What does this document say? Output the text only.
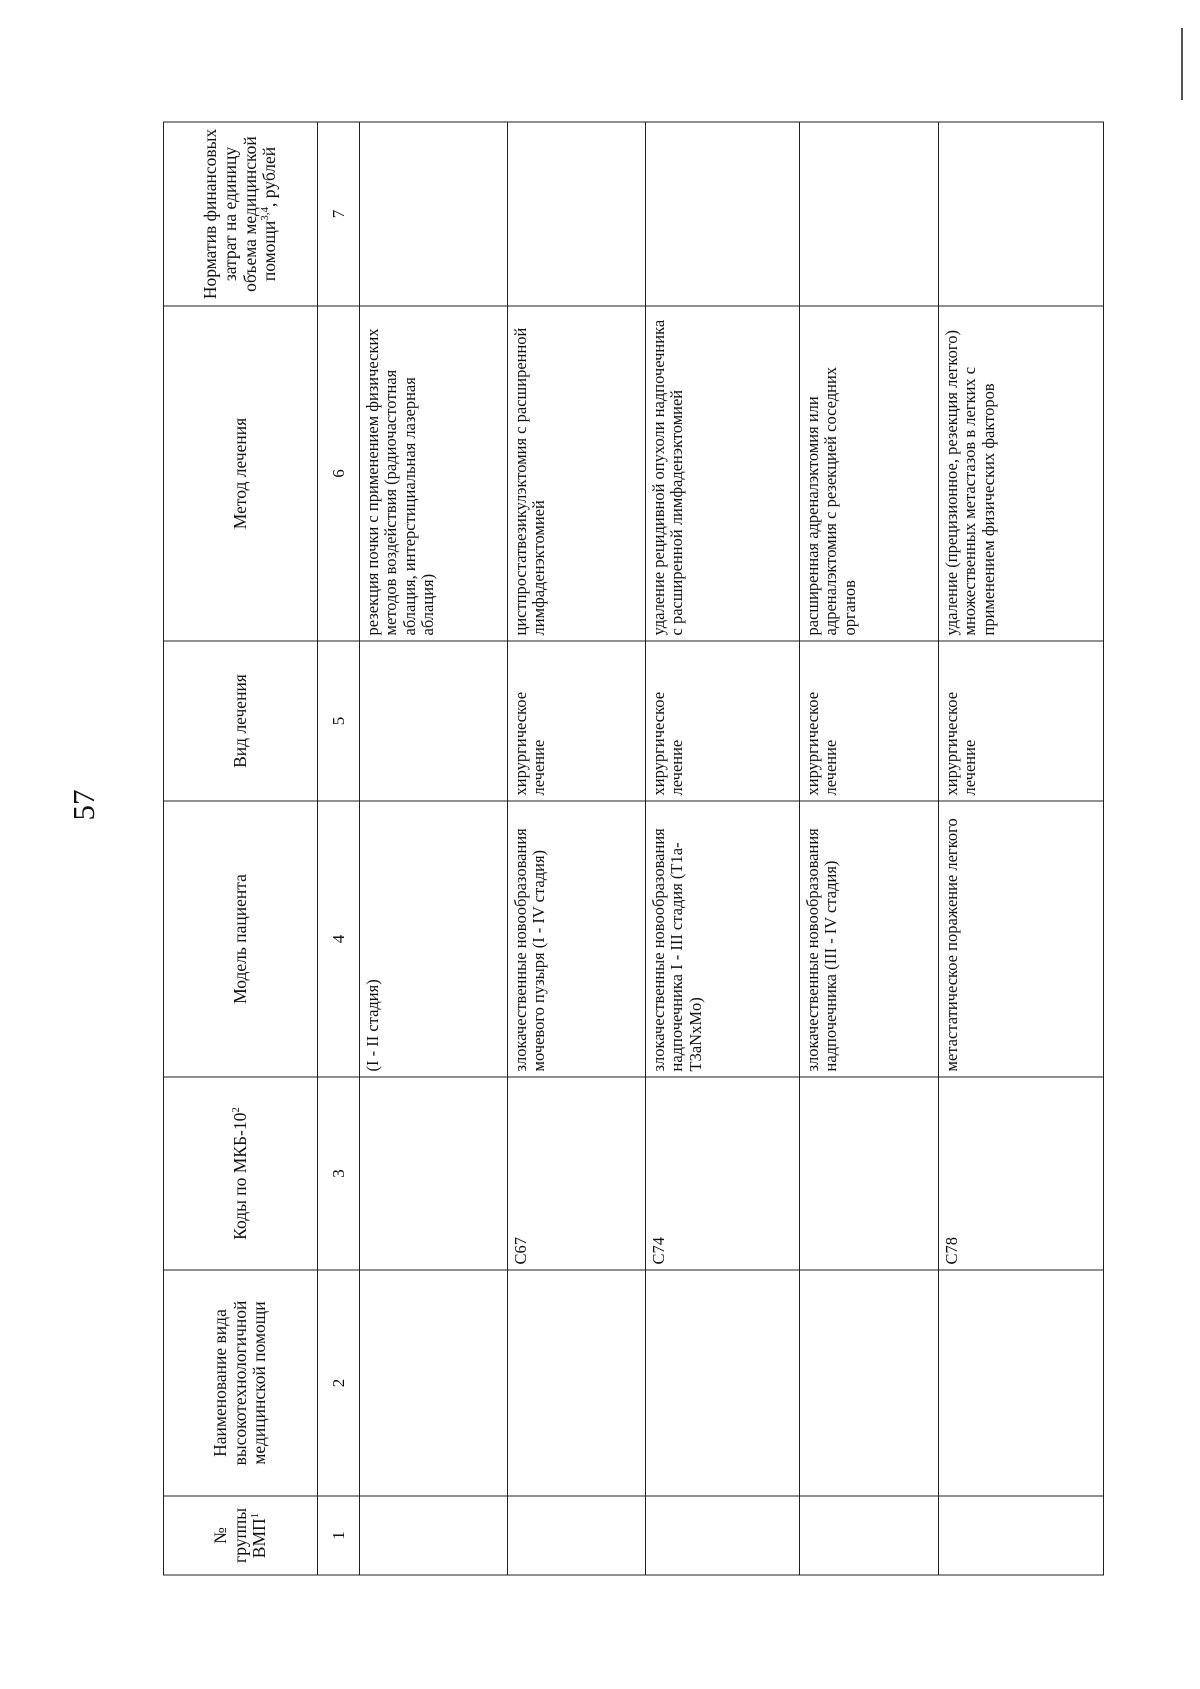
57
№ группы ВМП$^1$	Наименование вида высокотехнологичной медицинской помощи	Коды по МКБ-$10^2$	Модель пациента	Вид лечения	Метод лечения	Норматив финансовых затрат на единицу объема медицинской помощи$^{3,4}$, рублей
1	2	3	4	5	6	7
			(I - II стадия)		резекция почки с применением физических методов воздействия (радиочастотная аблация, интерстициальная лазерная аблация)	
		C67	злокачественные новообразования мочевого пузыря (I - IV стадия)	хирургическое лечение	цистпростатвезикулэктомия с расширенной лимфаденэктомией	
		C74	злокачественные новообразования надпочечника I - III стадия (T1a-T3aNxMo)	хирургическое лечение	удаление рецидивной опухоли надпочечника с расширенной лимфаденэктомией	
			злокачественные новообразования надпочечника (III - IV стадия)	хирургическое лечение	расширенная адреналэктомия или адреналэктомия с резекцией соседних органов	
		C78	метастатическое поражение легкого	хирургическое лечение	удаление (прецизионное, резекция легкого) множественных метастазов в легких с применением физических факторов	
